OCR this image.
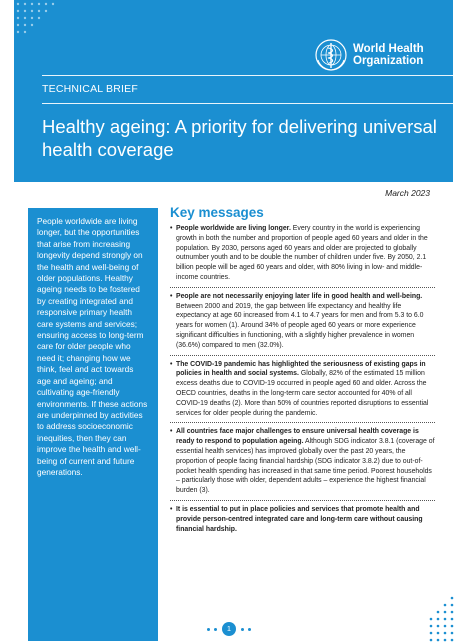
World Health
Organization
TECHNICAL BRIEF
Healthy ageing: A priority for delivering universal health coverage
March 2023

People worldwide are living longer, but the opportunities that arise from increasing longevity depend strongly on the health and well-being of older populations. Healthy ageing needs to be fostered by creating integrated and responsive primary health care systems and services; ensuring access to long-term care for older people who need it; changing how we think, feel and act towards age and ageing; and cultivating age-friendly environments. If these actions are underpinned by activities to address socioeconomic inequities, then they can improve the health and well-being of current and future generations.

Key messages
• People worldwide are living longer. Every country in the world is experiencing growth in both the number and proportion of people aged 60 years and older in the population. By 2030, persons aged 60 years and older are projected to globally outnumber youth and to be double the number of children under five. By 2050, 2.1 billion people will be aged 60 years and older, with 80% living in low- and middle-income countries.
• People are not necessarily enjoying later life in good health and well-being. Between 2000 and 2019, the gap between life expectancy and healthy life expectancy at age 60 increased from 4.1 to 4.7 years for men and from 5.3 to 6.0 years for women (1). Around 34% of people aged 60 years or more experience significant difficulties in functioning, with a slightly higher prevalence in women (36.6%) compared to men (32.0%).
• The COVID-19 pandemic has highlighted the seriousness of existing gaps in policies in health and social systems. Globally, 82% of the estimated 15 million excess deaths due to COVID-19 occurred in people aged 60 and older. Across the OECD countries, deaths in the long-term care sector accounted for 40% of all COVID-19 deaths (2). More than 50% of countries reported disruptions to essential services for older people during the pandemic.
• All countries face major challenges to ensure universal health coverage is ready to respond to population ageing. Although SDG indicator 3.8.1 (coverage of essential health services) has improved globally over the past 20 years, the proportion of people facing financial hardship (SDG indicator 3.8.2) due to out-of-pocket health spending has increased in that same time period. Poorest households – particularly those with older, dependent adults – experience the highest financial burden (3).
• It is essential to put in place policies and services that promote health and provide person-centred integrated care and long-term care without causing financial hardship.
1
